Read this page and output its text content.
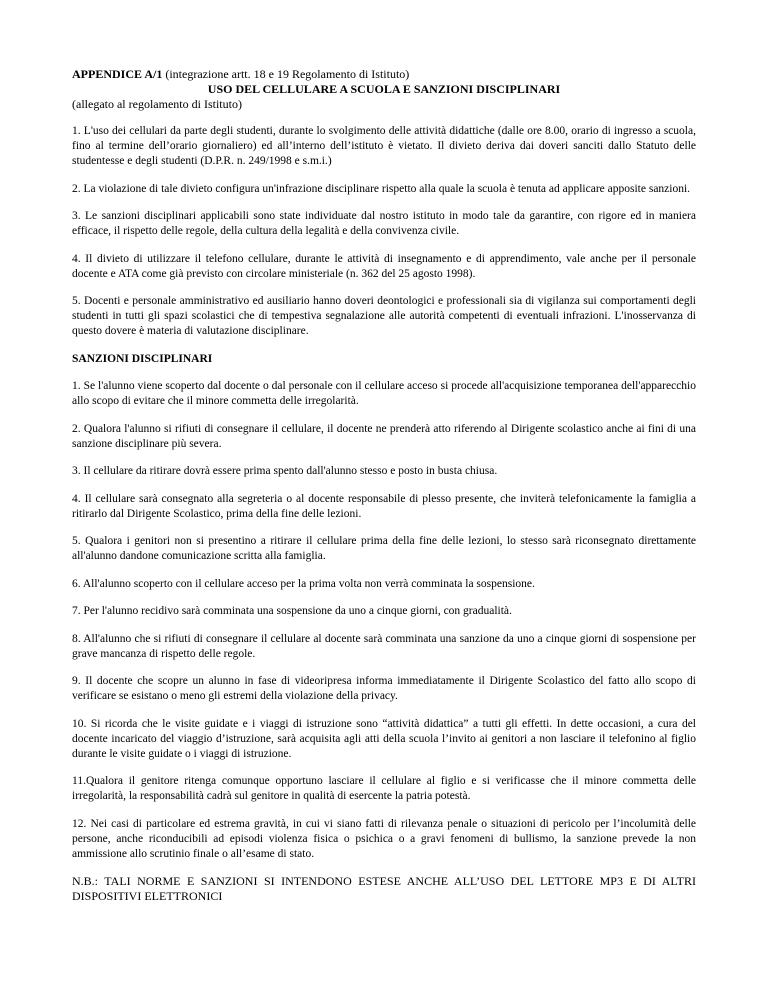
APPENDICE A/1 (integrazione artt. 18 e 19 Regolamento di Istituto)

USO DEL CELLULARE A SCUOLA E SANZIONI DISCIPLINARI

(allegato al regolamento di Istituto)

1. L'uso dei cellulari da parte degli studenti, durante lo svolgimento delle attività didattiche (dalle ore 8.00, orario di ingresso a scuola, fino al termine dell’orario giornaliero) ed all’interno dell’istituto è vietato. Il divieto deriva dai doveri sanciti dallo Statuto delle studentesse e degli studenti (D.P.R. n. 249/1998 e s.m.i.)

2. La violazione di tale divieto configura un'infrazione disciplinare rispetto alla quale la scuola è tenuta ad applicare apposite sanzioni.

3. Le sanzioni disciplinari applicabili sono state individuate dal nostro istituto in modo tale da garantire, con rigore ed in maniera efficace, il rispetto delle regole, della cultura della legalità e della convivenza civile.

4. Il divieto di utilizzare il telefono cellulare, durante le attività di insegnamento e di apprendimento, vale anche per il personale docente e ATA come già previsto con circolare ministeriale (n. 362 del 25 agosto 1998).

5. Docenti e personale amministrativo ed ausiliario hanno doveri deontologici e professionali sia di vigilanza sui comportamenti degli studenti in tutti gli spazi scolastici che di tempestiva segnalazione alle autorità competenti di eventuali infrazioni. L'inosservanza di questo dovere è materia di valutazione disciplinare.

SANZIONI DISCIPLINARI

1. Se l'alunno viene scoperto dal docente o dal personale con il cellulare acceso si procede all'acquisizione temporanea dell'apparecchio allo scopo di evitare che il minore commetta delle irregolarità.

2. Qualora l'alunno si rifiuti di consegnare il cellulare, il docente ne prenderà atto riferendo al Dirigente scolastico anche ai fini di una sanzione disciplinare più severa.

3. Il cellulare da ritirare dovrà essere prima spento dall'alunno stesso e posto in busta chiusa.

4. Il cellulare sarà consegnato alla segreteria o al docente responsabile di plesso presente, che inviterà telefonicamente la famiglia a ritirarlo dal Dirigente Scolastico, prima della fine delle lezioni.

5. Qualora i genitori non si presentino a ritirare il cellulare prima della fine delle lezioni, lo stesso sarà riconsegnato direttamente all'alunno dandone comunicazione scritta alla famiglia.

6. All'alunno scoperto con il cellulare acceso per la prima volta non verrà comminata la sospensione.

7. Per l'alunno recidivo sarà comminata una sospensione da uno a cinque giorni, con gradualità.

8. All'alunno che si rifiuti di consegnare il cellulare al docente sarà comminata una sanzione da uno a cinque giorni di sospensione per grave mancanza di rispetto delle regole.

9. Il docente che scopre un alunno in fase di videoripresa informa immediatamente il Dirigente Scolastico del fatto allo scopo di verificare se esistano o meno gli estremi della violazione della privacy.

10. Si ricorda che le visite guidate e i viaggi di istruzione sono “attività didattica” a tutti gli effetti. In dette occasioni, a cura del docente incaricato del viaggio d’istruzione, sarà acquisita agli atti della scuola l’invito ai genitori a non lasciare il telefonino al figlio durante le visite guidate o i viaggi di istruzione.

11.Qualora il genitore ritenga comunque opportuno lasciare il cellulare al figlio e si verificasse che il minore commetta delle irregolarità, la responsabilità cadrà sul genitore in qualità di esercente la patria potestà.

12. Nei casi di particolare ed estrema gravità, in cui vi siano fatti di rilevanza penale o situazioni di pericolo per l’incolumità delle persone, anche riconducibili ad episodi violenza fisica o psichica o a gravi fenomeni di bullismo, la sanzione prevede la non ammissione allo scrutinio finale o all’esame di stato.

N.B.: TALI NORME E SANZIONI SI INTENDONO ESTESE ANCHE ALL’USO DEL LETTORE MP3 E DI ALTRI DISPOSITIVI ELETTRONICI
